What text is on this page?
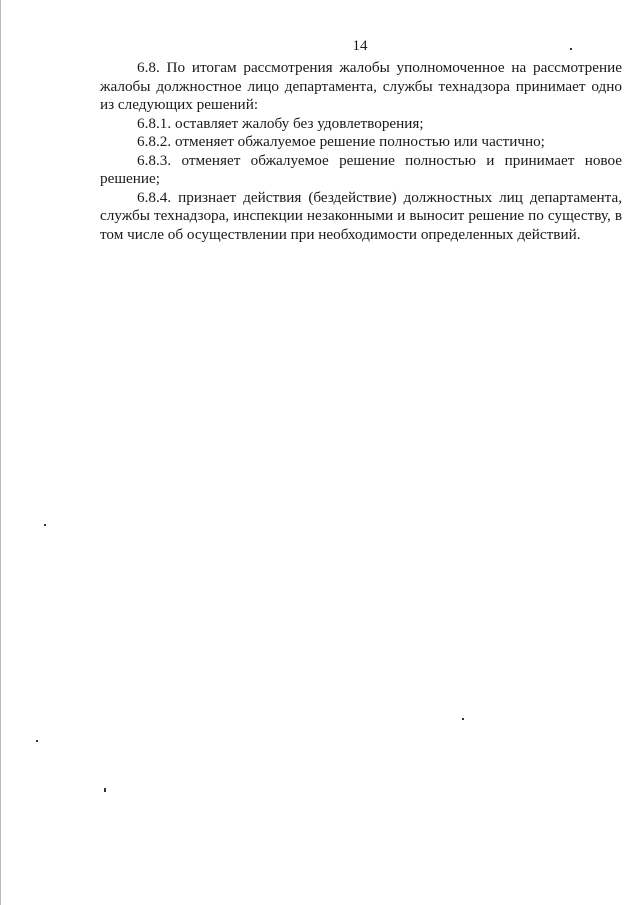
14
6.8. По итогам рассмотрения жалобы уполномоченное на рассмотрение
жалобы должностное лицо департамента, службы технадзора принимает одно
из следующих решений:
6.8.1. оставляет жалобу без удовлетворения;
6.8.2. отменяет обжалуемое решение полностью или частично;
6.8.3. отменяет обжалуемое решение полностью и принимает новое
решение;
6.8.4. признает действия (бездействие) должностных лиц департамента,
службы технадзора, инспекции незаконными и выносит решение по существу, в
том числе об осуществлении при необходимости определенных действий.
